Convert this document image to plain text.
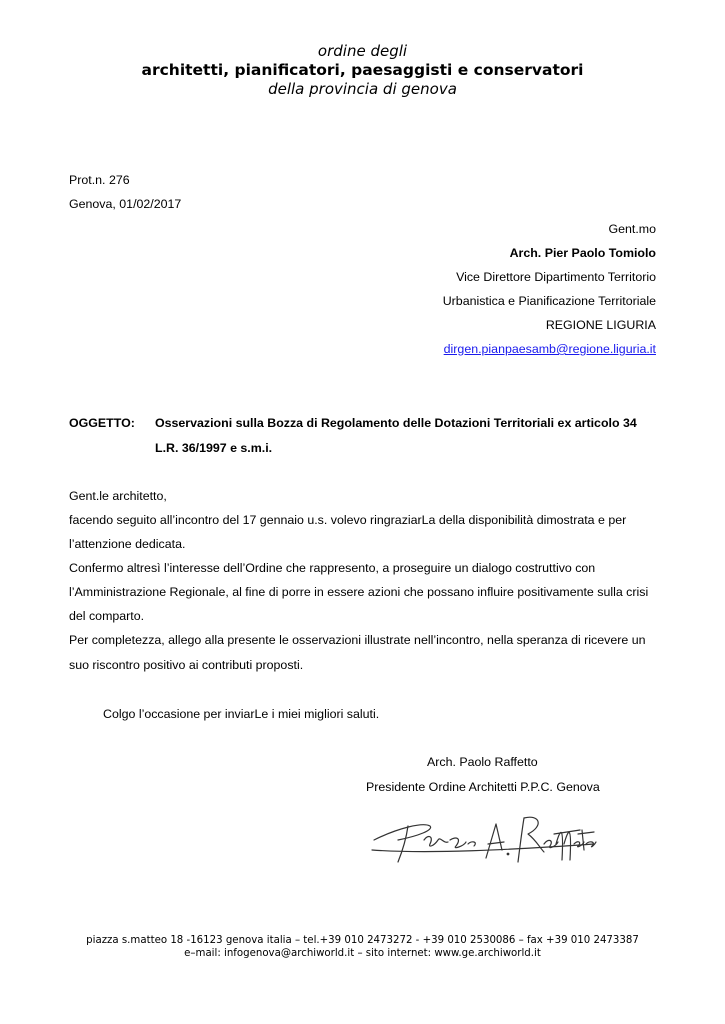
ordine degli
architetti, pianificatori, paesaggisti e conservatori
della provincia di genova
Prot.n. 276
Genova, 01/02/2017
Gent.mo
Arch. Pier Paolo Tomiolo
Vice Direttore Dipartimento Territorio
Urbanistica e Pianificazione Territoriale
REGIONE LIGURIA
dirgen.pianpaesamb@regione.liguria.it
OGGETTO: Osservazioni sulla Bozza di Regolamento delle Dotazioni Territoriali ex articolo 34
L.R. 36/1997 e s.m.i.
Gent.le architetto,
facendo seguito all’incontro del 17 gennaio u.s. volevo ringraziarLa della disponibilità dimostrata e per
l’attenzione dedicata.
Confermo altresì l’interesse dell’Ordine che rappresento, a proseguire un dialogo costruttivo con
l’Amministrazione Regionale, al fine di porre in essere azioni che possano influire positivamente sulla crisi
del comparto.
Per completezza, allego alla presente le osservazioni illustrate nell’incontro, nella speranza di ricevere un
suo riscontro positivo ai contributi proposti.
Colgo l’occasione per inviarLe i miei migliori saluti.
Arch. Paolo Raffetto
Presidente Ordine Architetti P.P.C. Genova
piazza s.matteo 18 -16123 genova italia – tel.+39 010 2473272 - +39 010 2530086 – fax +39 010 2473387
e–mail: infogenova@archiworld.it – sito internet: www.ge.archiworld.it
